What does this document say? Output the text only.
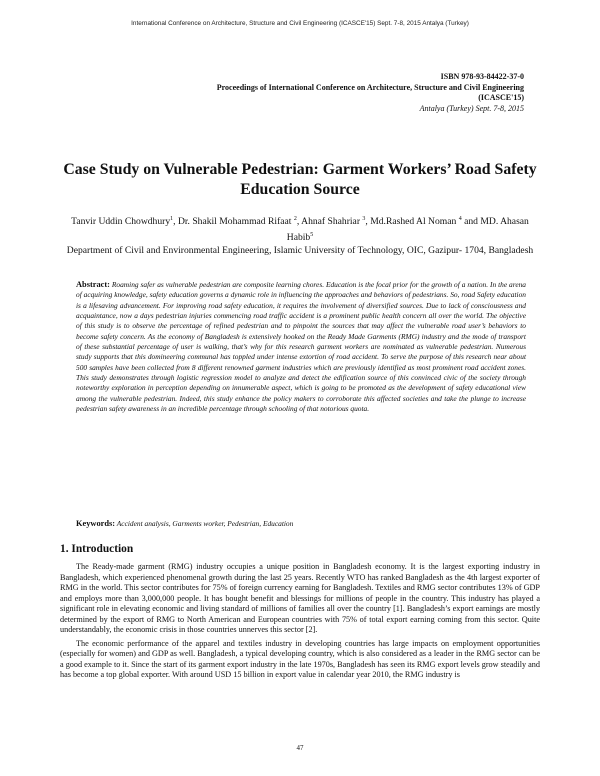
International Conference on Architecture, Structure and Civil Engineering (ICASCE'15) Sept. 7-8, 2015 Antalya (Turkey)
ISBN 978-93-84422-37-0
Proceedings of International Conference on Architecture, Structure and Civil Engineering
(ICASCE'15)
Antalya (Turkey) Sept. 7-8, 2015
Case Study on Vulnerable Pedestrian: Garment Workers’ Road Safety Education Source
Tanvir Uddin Chowdhury$^1$, Dr. Shakil Mohammad Rifaat $^2$, Ahnaf Shahriar $^3$, Md.Rashed Al Noman $^4$ and MD. Ahasan Habib$^5$
Department of Civil and Environmental Engineering, Islamic University of Technology, OIC, Gazipur- 1704, Bangladesh
Abstract: Roaming safer as vulnerable pedestrian are composite learning chores. Education is the focal prior for the growth of a nation. In the arena of acquiring knowledge, safety education governs a dynamic role in influencing the approaches and behaviors of pedestrians. So, road Safety education is a lifesaving advancement. For improving road safety education, it requires the involvement of diversified sources. Due to lack of consciousness and acquaintance, now a days pedestrian injuries commencing road traffic accident is a prominent public health concern all over the world. The objective of this study is to observe the percentage of refined pedestrian and to pinpoint the sources that may affect the vulnerable road user’s behaviors to become safety concern. As the economy of Bangladesh is extensively hooked on the Ready Made Garments (RMG) industry and the mode of transport of these substantial percentage of user is walking, that’s why for this research garment workers are nominated as vulnerable pedestrian. Numerous study supports that this domineering communal has toppled under intense extortion of road accident. To serve the purpose of this research near about 500 samples have been collected from 8 different renowned garment industries which are previously identified as most prominent road accident zones. This study demonstrates through logistic regression model to analyze and detect the edification source of this convinced civic of the society through noteworthy exploration in perception depending on innumerable aspect, which is going to be promoted as the development of safety educational view among the vulnerable pedestrian. Indeed, this study enhance the policy makers to corroborate this affected societies and take the plunge to increase pedestrian safety awareness in an incredible percentage through schooling of that notorious quota.
Keywords: Accident analysis, Garments worker, Pedestrian, Education
1. Introduction

The Ready-made garment (RMG) industry occupies a unique position in Bangladesh economy. It is the largest exporting industry in Bangladesh, which experienced phenomenal growth during the last 25 years. Recently WTO has ranked Bangladesh as the 4th largest exporter of RMG in the world. This sector contributes for 75% of foreign currency earning for Bangladesh. Textiles and RMG sector contributes 13% of GDP and employs more than 3,000,000 people. It has bought benefit and blessings for millions of people in the country. This industry has played a significant role in elevating economic and living standard of millions of families all over the country [1]. Bangladesh’s export earnings are mostly determined by the export of RMG to North American and European countries with 75% of total export earning coming from this sector. Quite understandably, the economic crisis in those countries unnerves this sector [2].

The economic performance of the apparel and textiles industry in developing countries has large impacts on employment opportunities (especially for women) and GDP as well. Bangladesh, a typical developing country, which is also considered as a leader in the RMG sector can be a good example to it. Since the start of its garment export industry in the late 1970s, Bangladesh has seen its RMG export levels grow steadily and has become a top global exporter. With around USD 15 billion in export value in calendar year 2010, the RMG industry is

47
